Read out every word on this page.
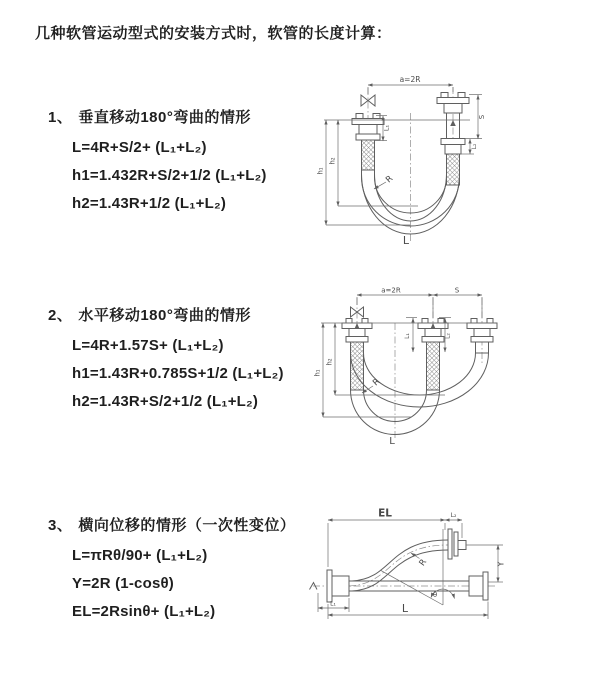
几种软管运动型式的安装方式时，软管的长度计算：
1、 垂直移动180°弯曲的情形
L=4R+S/2+ (L₁+L₂)
h1=1.432R+S/2+1/2 (L₁+L₂)
h2=1.43R+1/2 (L₁+L₂)
2、 水平移动180°弯曲的情形
L=4R+1.57S+ (L₁+L₂)
h1=1.43R+0.785S+1/2 (L₁+L₂)
h2=1.43R+S/2+1/2 (L₁+L₂)
3、 横向位移的情形（一次性变位）
L=πRθ/90+ (L₁+L₂)
Y=2R (1-cosθ)
EL=2Rsinθ+ (L₁+L₂)
a=2R
L₁
S
L₂
h₁
h₂
R
L
a=2R	S
L₁	L₂
h₁
h₂
R
L
θ
EL	L₂
Y
R
L₁	L
